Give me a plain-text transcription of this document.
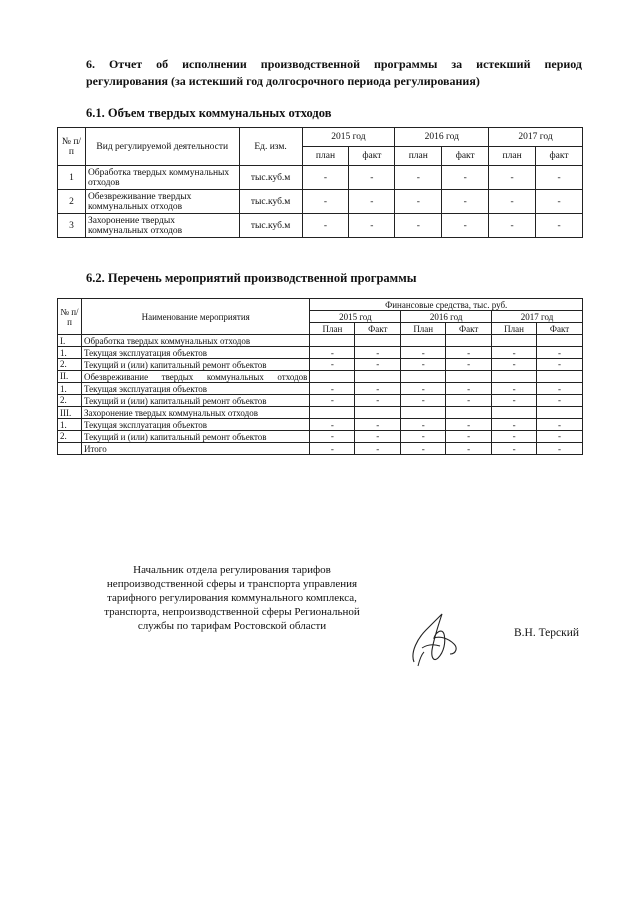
6. Отчет об исполнении производственной программы за истекший период
регулирования (за истекший год долгосрочного периода регулирования)
6.1. Объем твердых коммунальных отходов
№ п/п	Вид регулируемой деятельности	Ед. изм.	2015 год		2016 год		2017 год	
			план	факт	план	факт	план	факт
1	Обработка твердых коммунальных отходов	тыс.куб.м	-	-	-	-	-	-
2	Обезвреживание твердых коммунальных отходов	тыс.куб.м	-	-	-	-	-	-
3	Захоронение твердых коммунальных отходов	тыс.куб.м	-	-	-	-	-	-
6.2. Перечень мероприятий производственной программы
№ п/п	Наименование мероприятия	Финансовые средства, тыс. руб.					
		2015 год		2016 год		2017 год	
		План	Факт	План	Факт	План	Факт
I.	Обработка твердых коммунальных отходов						
1.	Текущая эксплуатация объектов	-	-	-	-	-	-
2.	Текущий и (или) капитальный ремонт объектов	-	-	-	-	-	-
II.	Обезвреживание твердых коммунальных отходов						
1.	Текущая эксплуатация объектов	-	-	-	-	-	-
2.	Текущий и (или) капитальный ремонт объектов	-	-	-	-	-	-
III.	Захоронение твердых коммунальных отходов						
1.	Текущая эксплуатация объектов	-	-	-	-	-	-
2.	Текущий и (или) капитальный ремонт объектов	-	-	-	-	-	-
	Итого	-	-	-	-	-	-
Начальник отдела регулирования тарифов
непроизводственной сферы и транспорта управления
тарифного регулирования коммунального комплекса,
транспорта, непроизводственной сферы Региональной
службы по тарифам Ростовской области
В.Н. Терский
